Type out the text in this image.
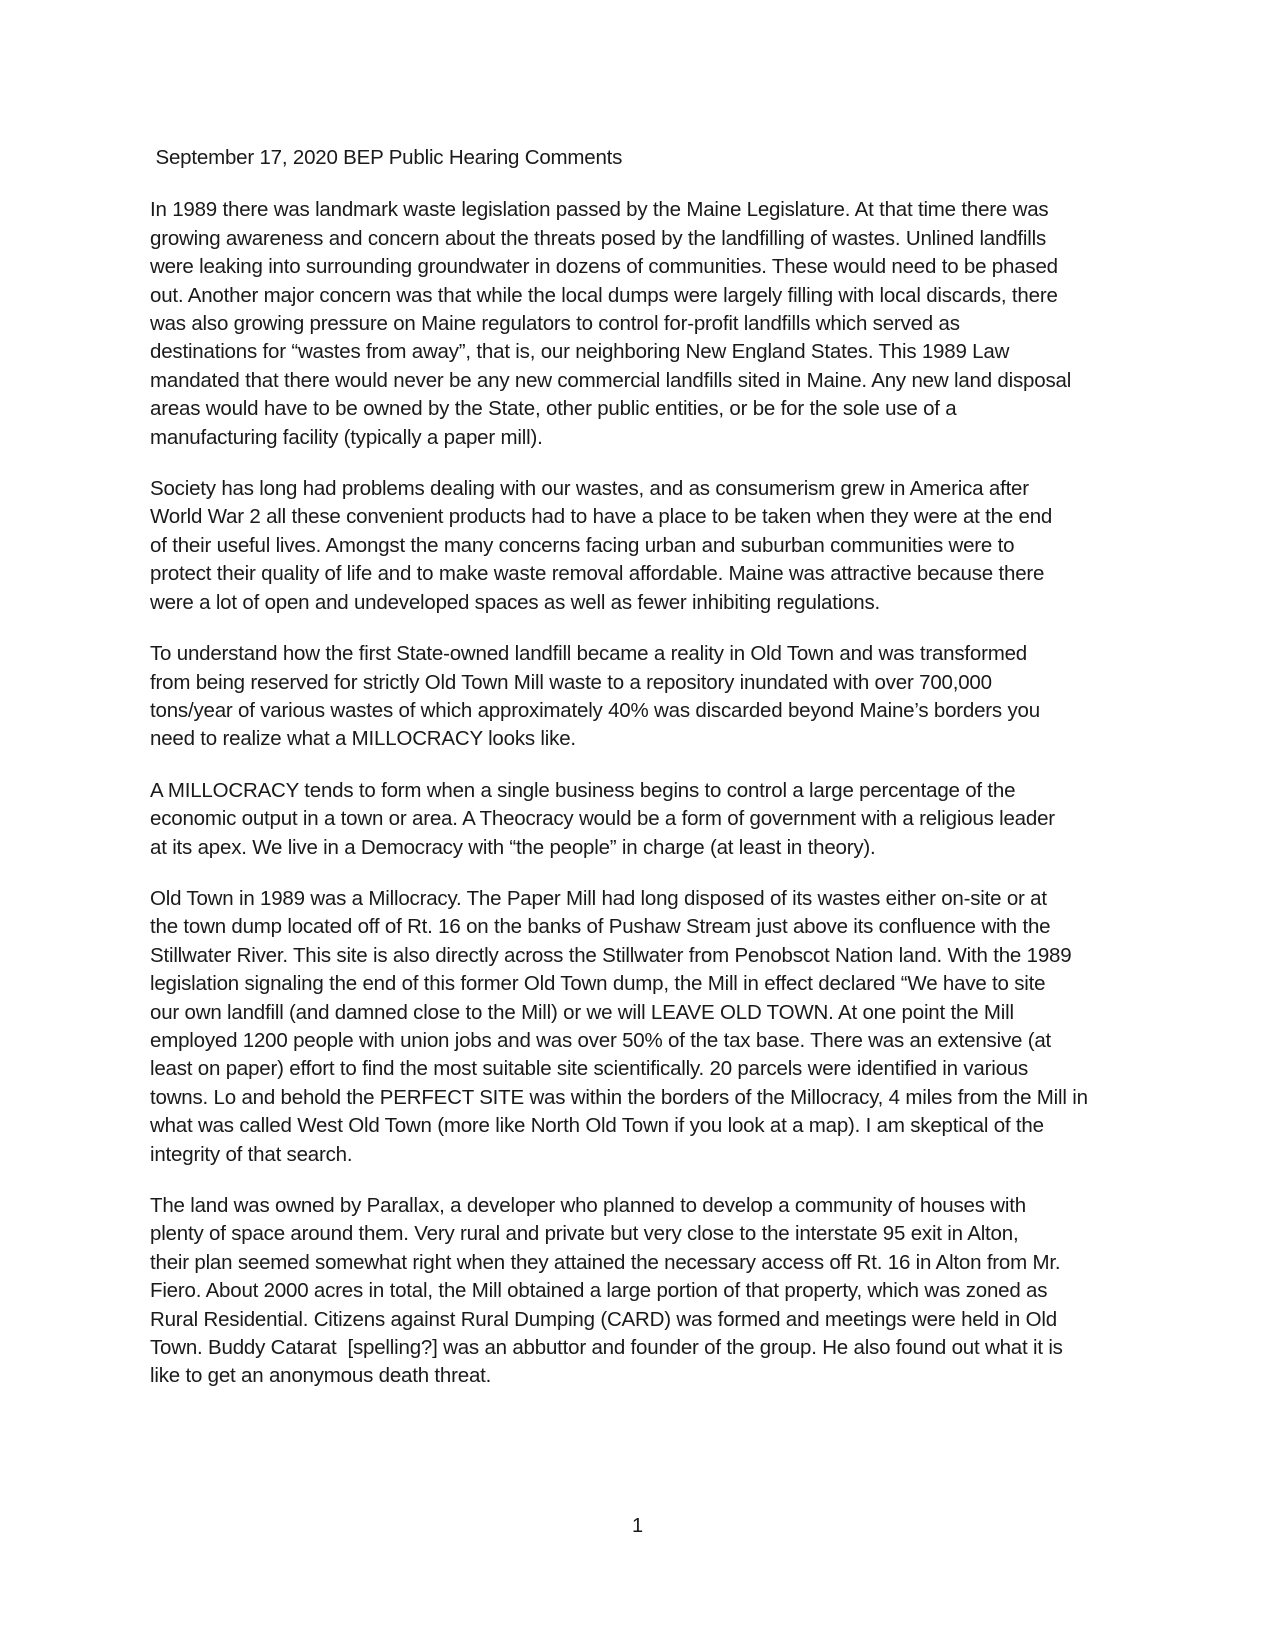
September 17, 2020 BEP Public Hearing Comments

In 1989 there was landmark waste legislation passed by the Maine Legislature. At that time there was
growing awareness and concern about the threats posed by the landfilling of wastes. Unlined landfills
were leaking into surrounding groundwater in dozens of communities. These would need to be phased
out. Another major concern was that while the local dumps were largely filling with local discards, there
was also growing pressure on Maine regulators to control for-profit landfills which served as
destinations for “wastes from away”, that is, our neighboring New England States. This 1989 Law
mandated that there would never be any new commercial landfills sited in Maine. Any new land disposal
areas would have to be owned by the State, other public entities, or be for the sole use of a
manufacturing facility (typically a paper mill).
Society has long had problems dealing with our wastes, and as consumerism grew in America after
World War 2 all these convenient products had to have a place to be taken when they were at the end
of their useful lives. Amongst the many concerns facing urban and suburban communities were to
protect their quality of life and to make waste removal affordable. Maine was attractive because there
were a lot of open and undeveloped spaces as well as fewer inhibiting regulations.
To understand how the first State-owned landfill became a reality in Old Town and was transformed
from being reserved for strictly Old Town Mill waste to a repository inundated with over 700,000
tons/year of various wastes of which approximately 40% was discarded beyond Maine’s borders you
need to realize what a MILLOCRACY looks like.
A MILLOCRACY tends to form when a single business begins to control a large percentage of the
economic output in a town or area. A Theocracy would be a form of government with a religious leader
at its apex. We live in a Democracy with “the people” in charge (at least in theory).
Old Town in 1989 was a Millocracy. The Paper Mill had long disposed of its wastes either on-site or at
the town dump located off of Rt. 16 on the banks of Pushaw Stream just above its confluence with the
Stillwater River. This site is also directly across the Stillwater from Penobscot Nation land. With the 1989
legislation signaling the end of this former Old Town dump, the Mill in effect declared “We have to site
our own landfill (and damned close to the Mill) or we will LEAVE OLD TOWN. At one point the Mill
employed 1200 people with union jobs and was over 50% of the tax base. There was an extensive (at
least on paper) effort to find the most suitable site scientifically. 20 parcels were identified in various
towns. Lo and behold the PERFECT SITE was within the borders of the Millocracy, 4 miles from the Mill in
what was called West Old Town (more like North Old Town if you look at a map). I am skeptical of the
integrity of that search.
The land was owned by Parallax, a developer who planned to develop a community of houses with
plenty of space around them. Very rural and private but very close to the interstate 95 exit in Alton,
their plan seemed somewhat right when they attained the necessary access off Rt. 16 in Alton from Mr.
Fiero. About 2000 acres in total, the Mill obtained a large portion of that property, which was zoned as
Rural Residential. Citizens against Rural Dumping (CARD) was formed and meetings were held in Old
Town. Buddy Catarat  [spelling?] was an abbuttor and founder of the group. He also found out what it is
like to get an anonymous death threat.
1
